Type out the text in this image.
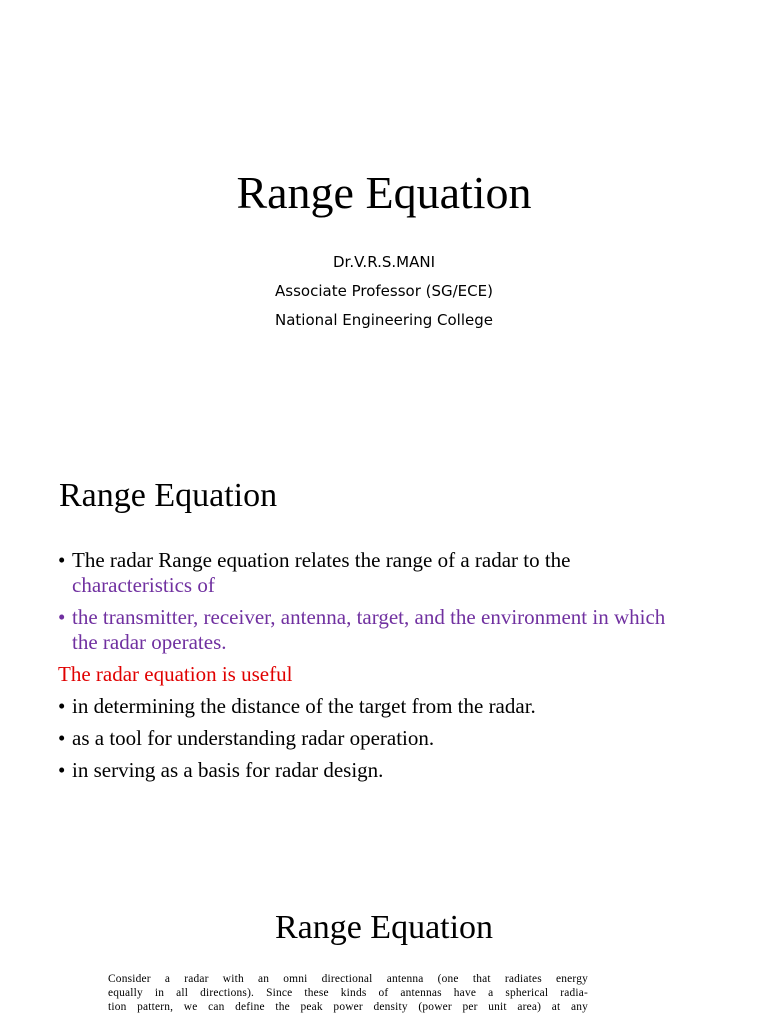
Range Equation
Dr.V.R.S.MANI
Associate Professor (SG/ECE)
National Engineering College
Range Equation
• The radar Range equation relates the range of a radar to the
characteristics of
• the transmitter, receiver, antenna, target, and the environment in which
the radar operates.
The radar equation is useful
• in determining the distance of the target from the radar.
• as a tool for understanding radar operation.
• in serving as a basis for radar design.
Range Equation
Consider a radar with an omni directional antenna (one that radiates energy
equally in all directions). Since these kinds of antennas have a spherical radia-
tion pattern, we can define the peak power density (power per unit area) at any
